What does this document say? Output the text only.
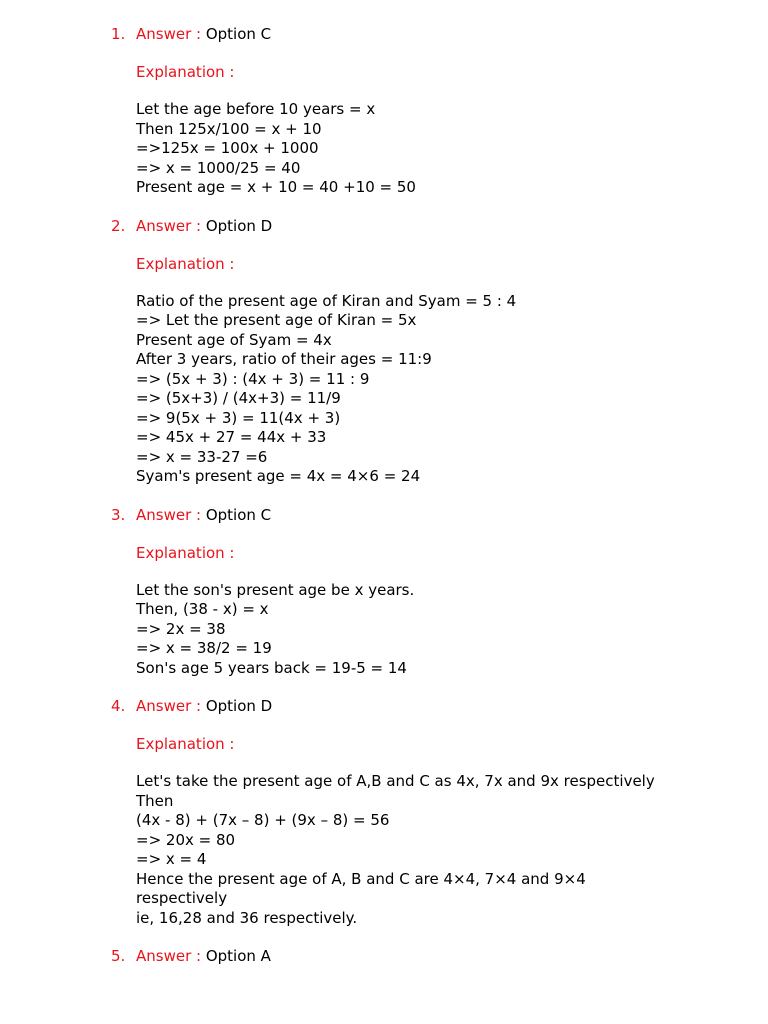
1. Answer : Option C
Explanation :
Let the age before 10 years = x
Then 125x/100 = x + 10
=>125x = 100x + 1000
=> x = 1000/25 = 40
Present age = x + 10 = 40 +10 = 50
2. Answer : Option D
Explanation :
Ratio of the present age of Kiran and Syam = 5 : 4
=> Let the present age of Kiran = 5x
Present age of Syam = 4x
After 3 years, ratio of their ages = 11:9
=> (5x + 3) : (4x + 3) = 11 : 9
=> (5x+3) / (4x+3) = 11/9
=> 9(5x + 3) = 11(4x + 3)
=> 45x + 27 = 44x + 33
=> x = 33-27 =6
Syam's present age = 4x = 4×6 = 24
3. Answer : Option C
Explanation :
Let the son's present age be x years.
Then, (38 - x) = x
=> 2x = 38
=> x = 38/2 = 19
Son's age 5 years back = 19-5 = 14
4. Answer : Option D
Explanation :
Let's take the present age of A,B and C as 4x, 7x and 9x respectively
Then
(4x - 8) + (7x – 8) + (9x – 8) = 56
=> 20x = 80
=> x = 4
Hence the present age of A, B and C are 4×4, 7×4 and 9×4
respectively
ie, 16,28 and 36 respectively.
5. Answer : Option A
